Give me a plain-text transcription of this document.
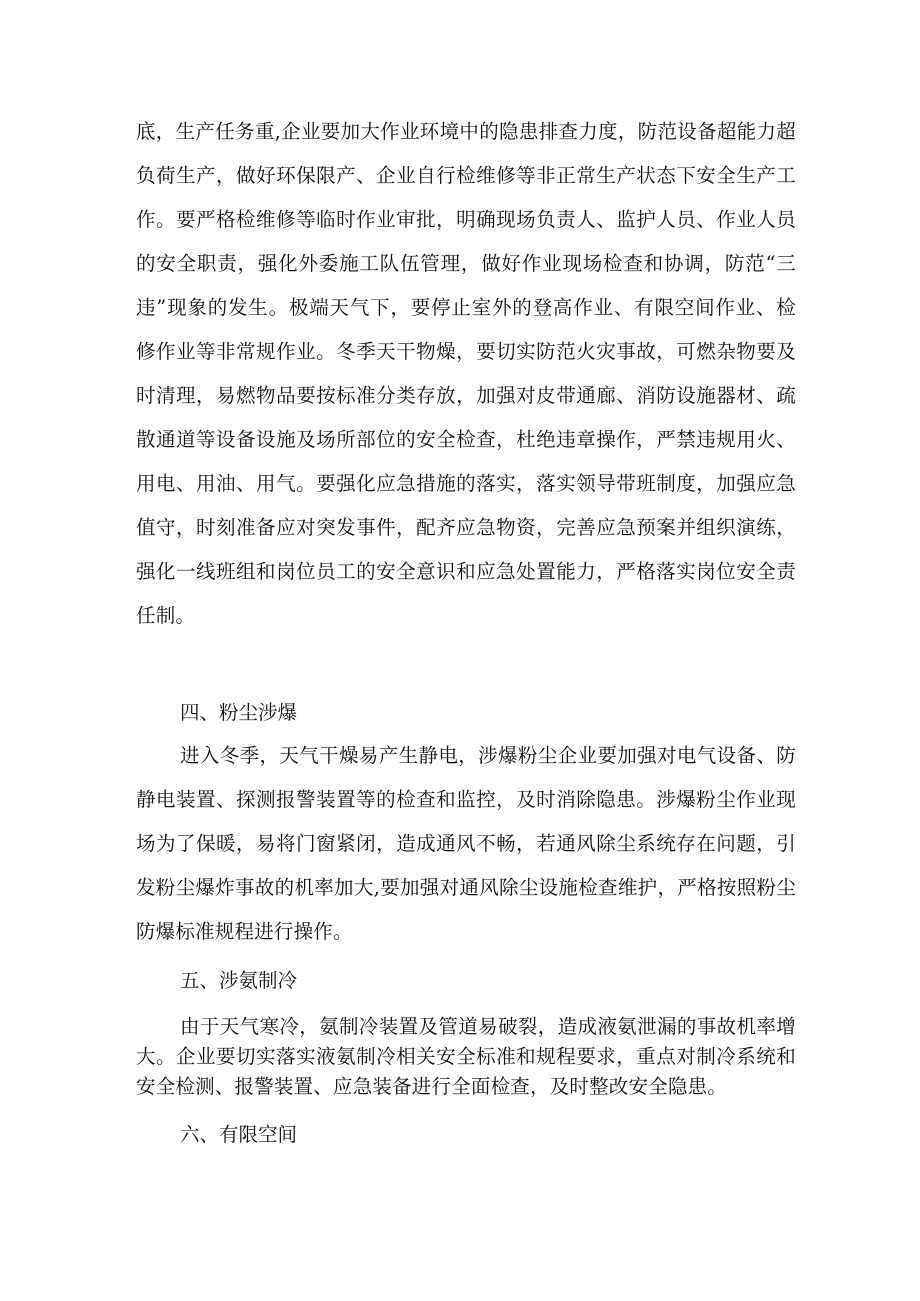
底，生产任务重,企业要加大作业环境中的隐患排查力度，防范设备超能力超负荷生产，做好环保限产、企业自行检维修等非正常生产状态下安全生产工作。要严格检维修等临时作业审批，明确现场负责人、监护人员、作业人员的安全职责，强化外委施工队伍管理，做好作业现场检查和协调，防范“三违”现象的发生。极端天气下，要停止室外的登高作业、有限空间作业、检修作业等非常规作业。冬季天干物燥，要切实防范火灾事故，可燃杂物要及时清理，易燃物品要按标准分类存放，加强对皮带通廊、消防设施器材、疏散通道等设备设施及场所部位的安全检查，杜绝违章操作，严禁违规用火、用电、用油、用气。要强化应急措施的落实，落实领导带班制度，加强应急值守，时刻准备应对突发事件，配齐应急物资，完善应急预案并组织演练，强化一线班组和岗位员工的安全意识和应急处置能力，严格落实岗位安全责任制。

四、粉尘涉爆

进入冬季，天气干燥易产生静电，涉爆粉尘企业要加强对电气设备、防静电装置、探测报警装置等的检查和监控，及时消除隐患。涉爆粉尘作业现场为了保暖，易将门窗紧闭，造成通风不畅，若通风除尘系统存在问题，引发粉尘爆炸事故的机率加大,要加强对通风除尘设施检查维护，严格按照粉尘防爆标准规程进行操作。

五、涉氨制冷

由于天气寒冷，氨制冷装置及管道易破裂，造成液氨泄漏的事故机率增大。企业要切实落实液氨制冷相关安全标准和规程要求，重点对制冷系统和安全检测、报警装置、应急装备进行全面检查，及时整改安全隐患。

六、有限空间
